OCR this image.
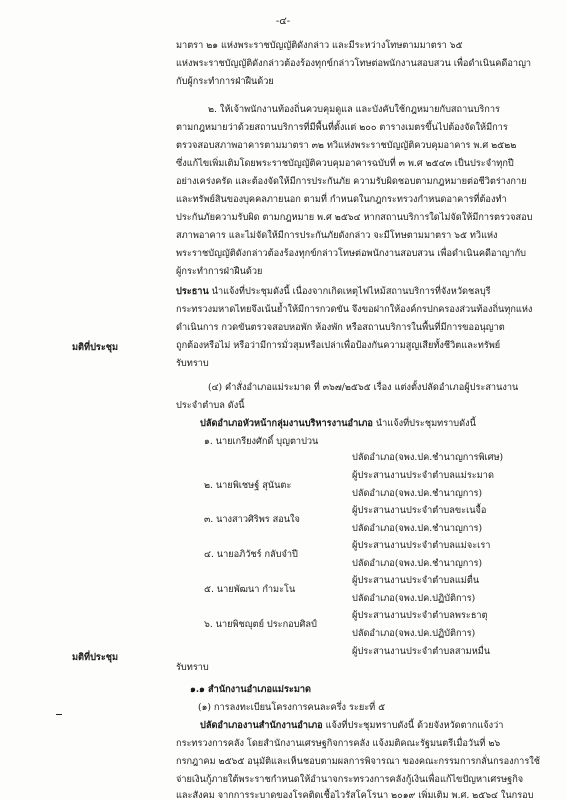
-๔-
มาตรา ๒๑ แห่งพระราชบัญญัติดังกล่าว และมีระหว่างโทษตามมาตรา ๖๕
แห่งพระราชบัญญัติดังกล่าวต้องร้องทุกข์กล่าวโทษต่อพนักงานสอบสวน เพื่อดำเนินคดีอาญา
กับผู้กระทำการฝ่าฝืนด้วย
๒. ให้เจ้าพนักงานท้องถิ่นควบคุมดูแล และบังคับใช้กฎหมายกับสถานบริการ
ตามกฎหมายว่าด้วยสถานบริการที่มีพื้นที่ตั้งแต่ ๒๐๐ ตารางเมตรขึ้นไปต้องจัดให้มีการ
ตรวจสอบสภาพอาคารตามมาตรา ๓๒ ทวิแห่งพระราชบัญญัติควบคุมอาคาร พ.ศ ๒๕๒๒
ซึ่งแก้ไขเพิ่มเติมโดยพระราชบัญญัติควบคุมอาคารฉบับที่ ๓ พ.ศ ๒๕๔๓ เป็นประจำทุกปี
อย่างเคร่งครัด และต้องจัดให้มีการประกันภัย ความรับผิดชอบตามกฎหมายต่อชีวิตร่างกาย
และทรัพย์สินของบุคคลภายนอก ตามที่ กำหนดในกฎกระทรวงกำหนดอาคารที่ต้องทำ
ประกันภัยความรับผิด ตามกฎหมาย พ.ศ ๒๕๖๔ หากสถานบริการใดไม่จัดให้มีการตรวจสอบ
สภาพอาคาร และไม่จัดให้มีการประกันภัยดังกล่าว จะมีโทษตามมาตรา ๖๕ ทวิแห่ง
พระราชบัญญัติดังกล่าวต้องร้องทุกข์กล่าวโทษต่อพนักงานสอบสวน เพื่อดำเนินคดีอาญากับ
ผู้กระทำการฝ่าฝืนด้วย
ประธาน นำแจ้งที่ประชุมดังนี้ เนื่องจากเกิดเหตุไฟไหม้สถานบริการที่จังหวัดชลบุรี
กระทรวงมหาดไทยจึงเน้นย้ำให้มีการกวดขัน จึงขอฝากให้องค์กรปกครองส่วนท้องถิ่นทุกแห่ง
ดำเนินการ กวดขันตรวจสอบหอพัก ห้องพัก หรือสถานบริการในพื้นที่มีการขออนุญาต
ถูกต้องหรือไม่ หรือว่ามีการมั่วสุมหรือเปล่าเพื่อป้องกันความสูญเสียทั้งชีวิตและทรัพย์
มติที่ประชุม
รับทราบ
(๔) คำสั่งอำเภอแม่ระมาด ที่ ๓๖๗/๒๕๖๕ เรื่อง แต่งตั้งปลัดอำเภอผู้ประสานงาน
ประจำตำบล ดังนี้
ปลัดอำเภอหัวหน้ากลุ่มงานบริหารงานอำเภอ นำแจ้งที่ประชุมทราบดังนี้
๑. นายเกรียงศักดิ์ บุญตาปวน
ปลัดอำเภอ(จพง.ปค.ชำนาญการพิเศษ)
ผู้ประสานงานประจำตำบลแม่ระมาด
๒. นายพิเชษฐ์ สุนันตะ
ปลัดอำเภอ(จพง.ปค.ชำนาญการ)
ผู้ประสานงานประจำตำบลขะเนจื้อ
๓. นางสาวศิริพร สอนใจ
ปลัดอำเภอ(จพง.ปค.ชำนาญการ)
ผู้ประสานงานประจำตำบลแม่จะเรา
๔. นายอภิวัชร์ กลับจำปี
ปลัดอำเภอ(จพง.ปค.ชำนาญการ)
ผู้ประสานงานประจำตำบลแม่ตื่น
๕. นายพัฒนา กำมะโน
ปลัดอำเภอ(จพง.ปค.ปฏิบัติการ)
ผู้ประสานงานประจำตำบลพระธาตุ
๖. นายพิชญุตย์ ประกอบศิลป์
ปลัดอำเภอ(จพง.ปค.ปฏิบัติการ)
ผู้ประสานงานประจำตำบลสามหมื่น
มติที่ประชุม
รับทราบ
๑.๑ สำนักงานอำเภอแม่ระมาด
(๑) การลงทะเบียนโครงการคนละครึ่ง ระยะที่ ๕
ปลัดอำเภองานสำนักงานอำเภอ แจ้งที่ประชุมทราบดังนี้ ด้วยจังหวัดตากแจ้งว่า
กระทรวงการคลัง โดยสำนักงานเศรษฐกิจการคลัง แจ้งมติคณะรัฐมนตรีเมื่อวันที่ ๒๖
กรกฎาคม ๒๕๖๕ อนุมัติและเห็นชอบตามผลการพิจารณา ของคณะกรรมการกลั่นกรองการใช้
จ่ายเงินกู้ภายใต้พระราชกำหนดให้อำนาจกระทรวงการคลังกู้เงินเพื่อแก้ไขปัญหาเศรษฐกิจ
และสังคม จากการระบาดของโรคติดเชื้อไวรัสโคโรนา ๒๐๑๙ เพิ่มเติม พ.ศ. ๒๕๖๔ ในกรอบ
